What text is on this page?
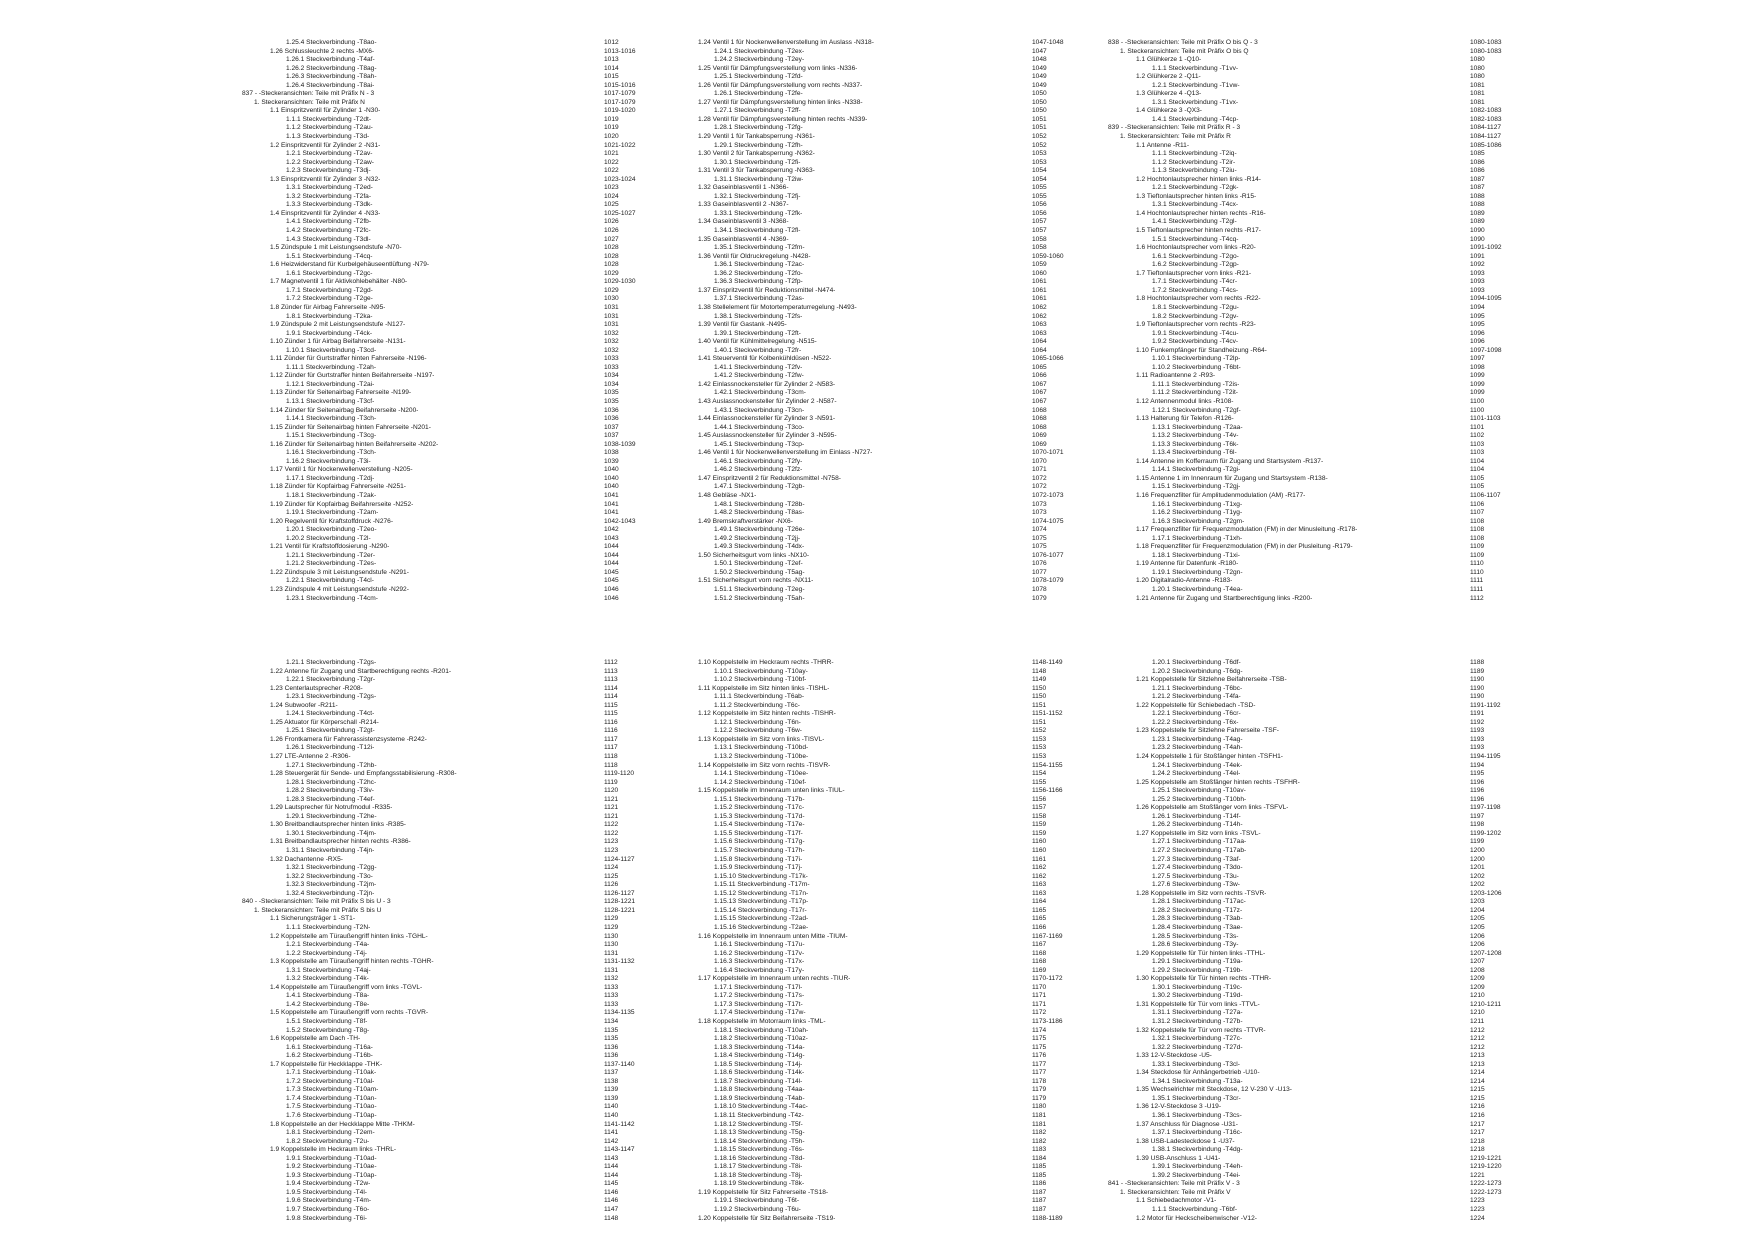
1.25.4 Steckverbindung -T8ao-	1012
1.26 Schlussleuchte 2 rechts -MX6-	1013-1016
1.26.1 Steckverbindung -T4af-	1013
1.26.2 Steckverbindung -T8ag-	1014
1.26.3 Steckverbindung -T8ah-	1015
1.26.4 Steckverbindung -T8ai-	1015-1016
837 - -Steckeransichten: Teile mit Präfix N - 3	1017-1079
1. Steckeransichten: Teile mit Präfix N	1017-1079
1.1 Einspritzventil für Zylinder 1 -N30-	1019-1020
1.1.1 Steckverbindung -T2dt-	1019
1.1.2 Steckverbindung -T2au-	1019
1.1.3 Steckverbindung -T3d-	1020
1.2 Einspritzventil für Zylinder 2 -N31-	1021-1022
1.2.1 Steckverbindung -T2av-	1021
1.2.2 Steckverbindung -T2aw-	1022
1.2.3 Steckverbindung -T3dj-	1022
1.3 Einspritzventil für Zylinder 3 -N32-	1023-1024
1.3.1 Steckverbindung -T2ed-	1023
1.3.2 Steckverbindung -T2fa-	1024
1.3.3 Steckverbindung -T3dk-	1025
1.4 Einspritzventil für Zylinder 4 -N33-	1025-1027
1.4.1 Steckverbindung -T2fb-	1026
1.4.2 Steckverbindung -T2fc-	1026
1.4.3 Steckverbindung -T3dl-	1027
1.5 Zündspule 1 mit Leistungsendstufe -N70-	1028
1.5.1 Steckverbindung -T4cq-	1028
1.6 Heizwiderstand für Kurbelgehäuseentlüftung -N79-	1028
1.6.1 Steckverbindung -T2gc-	1029
1.7 Magnetventil 1 für Aktivkohlebehälter -N80-	1029-1030
1.7.1 Steckverbindung -T2gd-	1029
1.7.2 Steckverbindung -T2ge-	1030
1.8 Zünder für Airbag Fahrerseite -N95-	1031
1.8.1 Steckverbindung -T2ka-	1031
1.9 Zündspule 2 mit Leistungsendstufe -N127-	1031
1.9.1 Steckverbindung -T4ck-	1032
1.10 Zünder 1 für Airbag Beifahrerseite -N131-	1032
1.10.1 Steckverbindung -T3cd-	1032
1.11 Zünder für Gurtstraffer hinten Fahrerseite -N196-	1033
1.11.1 Steckverbindung -T2ah-	1033
1.12 Zünder für Gurtstraffer hinten Beifahrerseite -N197-	1034
1.12.1 Steckverbindung -T2ai-	1034
1.13 Zünder für Seitenairbag Fahrerseite -N199-	1035
1.13.1 Steckverbindung -T3cf-	1035
1.14 Zünder für Seitenairbag Beifahrerseite -N200-	1036
1.14.1 Steckverbindung -T3ch-	1036
1.15 Zünder für Seitenairbag hinten Fahrerseite -N201-	1037
1.15.1 Steckverbindung -T3cg-	1037
1.16 Zünder für Seitenairbag hinten Beifahrerseite -N202-	1038-1039
1.16.1 Steckverbindung -T3ch-	1038
1.16.2 Steckverbindung -T3i-	1039
1.17 Ventil 1 für Nockenwellenverstellung -N205-	1040
1.17.1 Steckverbindung -T2dj-	1040
1.18 Zünder für Kopfairbag Fahrerseite -N251-	1040
1.18.1 Steckverbindung -T2ak-	1041
1.19 Zünder für Kopfairbag Beifahrerseite -N252-	1041
1.19.1 Steckverbindung -T2am-	1041
1.20 Regelventil für Kraftstoffdruck -N276-	1042-1043
1.20.1 Steckverbindung -T2eo-	1042
1.20.2 Steckverbindung -T2l-	1043
1.21 Ventil für Kraftstoffdosierung -N290-	1044
1.21.1 Steckverbindung -T2er-	1044
1.21.2 Steckverbindung -T2es-	1044
1.22 Zündspule 3 mit Leistungsendstufe -N291-	1045
1.22.1 Steckverbindung -T4cl-	1045
1.23 Zündspule 4 mit Leistungsendstufe -N292-	1046
1.23.1 Steckverbindung -T4cm-	1046
1.24 Ventil 1 für Nockenwellenverstellung im Auslass -N318-	1047-1048
1.24.1 Steckverbindung -T2ex-	1047
1.24.2 Steckverbindung -T2ey-	1048
1.25 Ventil für Dämpfungsverstellung vorn links -N336-	1049
1.25.1 Steckverbindung -T2fd-	1049
1.26 Ventil für Dämpfungsverstellung vorn rechts -N337-	1049
1.26.1 Steckverbindung -T2fe-	1050
1.27 Ventil für Dämpfungsverstellung hinten links -N338-	1050
1.27.1 Steckverbindung -T2ff-	1050
1.28 Ventil für Dämpfungsverstellung hinten rechts -N339-	1051
1.28.1 Steckverbindung -T2fg-	1051
1.29 Ventil 1 für Tankabsperrung -N361-	1052
1.29.1 Steckverbindung -T2fh-	1052
1.30 Ventil 2 für Tankabsperrung -N362-	1053
1.30.1 Steckverbindung -T2fi-	1053
1.31 Ventil 3 für Tankabsperrung -N363-	1054
1.31.1 Steckverbindung -T2iw-	1054
1.32 Gaseinblasventil 1 -N366-	1055
1.32.1 Steckverbindung -T2fj-	1055
1.33 Gaseinblasventil 2 -N367-	1056
1.33.1 Steckverbindung -T2fk-	1056
1.34 Gaseinblasventil 3 -N368-	1057
1.34.1 Steckverbindung -T2fl-	1057
1.35 Gaseinblasventil 4 -N369-	1058
1.35.1 Steckverbindung -T2fm-	1058
1.36 Ventil für Öldruckregelung -N428-	1059-1060
1.36.1 Steckverbindung -T2ac-	1059
1.36.2 Steckverbindung -T2fo-	1060
1.36.3 Steckverbindung -T2fp-	1061
1.37 Einspritzventil für Reduktionsmittel -N474-	1061
1.37.1 Steckverbindung -T2as-	1061
1.38 Stellelement für Motortemperaturregelung -N493-	1062
1.38.1 Steckverbindung -T2fs-	1062
1.39 Ventil für Gastank -N495-	1063
1.39.1 Steckverbindung -T2ft-	1063
1.40 Ventil für Kühlmittelregelung -N515-	1064
1.40.1 Steckverbindung -T2fr-	1064
1.41 Steuerventil für Kolbenkühldüsen -N522-	1065-1066
1.41.1 Steckverbindung -T2fv-	1065
1.41.2 Steckverbindung -T2fw-	1066
1.42 Einlassnockensteller für Zylinder 2 -N583-	1067
1.42.1 Steckverbindung -T3cm-	1067
1.43 Auslassnockensteller für Zylinder 2 -N587-	1067
1.43.1 Steckverbindung -T3cn-	1068
1.44 Einlassnockensteller für Zylinder 3 -N591-	1068
1.44.1 Steckverbindung -T3co-	1068
1.45 Auslassnockensteller für Zylinder 3 -N595-	1069
1.45.1 Steckverbindung -T3cp-	1069
1.46 Ventil 1 für Nockenwellenverstellung im Einlass -N727-	1070-1071
1.46.1 Steckverbindung -T2fy-	1070
1.46.2 Steckverbindung -T2fz-	1071
1.47 Einspritzventil 2 für Reduktionsmittel -N758-	1072
1.47.1 Steckverbindung -T2gb-	1072
1.48 Gebläse -NX1-	1072-1073
1.48.1 Steckverbindung -T28b-	1073
1.48.2 Steckverbindung -T8as-	1073
1.49 Bremskraftverstärker -NX6-	1074-1075
1.49.1 Steckverbindung -T26e-	1074
1.49.2 Steckverbindung -T2jj-	1075
1.49.3 Steckverbindung -T4dx-	1075
1.50 Sicherheitsgurt vorn links -NX10-	1076-1077
1.50.1 Steckverbindung -T2ef-	1076
1.50.2 Steckverbindung -T5ag-	1077
1.51 Sicherheitsgurt vorn rechts -NX11-	1078-1079
1.51.1 Steckverbindung -T2eg-	1078
1.51.2 Steckverbindung -T5ah-	1079
838 - -Steckeransichten: Teile mit Präfix O bis Q - 3	1080-1083
1. Steckeransichten: Teile mit Präfix O bis Q	1080-1083
1.1 Glühkerze 1 -Q10-	1080
1.1.1 Steckverbindung -T1vv-	1080
1.2 Glühkerze 2 -Q11-	1080
1.2.1 Steckverbindung -T1vw-	1081
1.3 Glühkerze 4 -Q13-	1081
1.3.1 Steckverbindung -T1vx-	1081
1.4 Glühkerze 3 -QX3-	1082-1083
1.4.1 Steckverbindung -T4cp-	1082-1083
839 - -Steckeransichten: Teile mit Präfix R - 3	1084-1127
1. Steckeransichten: Teile mit Präfix R	1084-1127
1.1 Antenne -R11-	1085-1086
1.1.1 Steckverbindung -T2iq-	1085
1.1.2 Steckverbindung -T2ir-	1086
1.1.3 Steckverbindung -T2iu-	1086
1.2 Hochtonlautsprecher hinten links -R14-	1087
1.2.1 Steckverbindung -T2gk-	1087
1.3 Tieftonlautsprecher hinten links -R15-	1088
1.3.1 Steckverbindung -T4cx-	1088
1.4 Hochtonlautsprecher hinten rechts -R16-	1089
1.4.1 Steckverbindung -T2gl-	1089
1.5 Tieftonlautsprecher hinten rechts -R17-	1090
1.5.1 Steckverbindung -T4cq-	1090
1.6 Hochtonlautsprecher vorn links -R20-	1091-1092
1.6.1 Steckverbindung -T2go-	1091
1.6.2 Steckverbindung -T2gp-	1092
1.7 Tieftonlautsprecher vorn links -R21-	1093
1.7.1 Steckverbindung -T4cr-	1093
1.7.2 Steckverbindung -T4cs-	1093
1.8 Hochtonlautsprecher vorn rechts -R22-	1094-1095
1.8.1 Steckverbindung -T2gu-	1094
1.8.2 Steckverbindung -T2gv-	1095
1.9 Tieftonlautsprecher vorn rechts -R23-	1095
1.9.1 Steckverbindung -T4cu-	1096
1.9.2 Steckverbindung -T4cv-	1096
1.10 Funkempfänger für Standheizung -R64-	1097-1098
1.10.1 Steckverbindung -T2lp-	1097
1.10.2 Steckverbindung -T6bt-	1098
1.11 Radioantenne 2 -R93-	1099
1.11.1 Steckverbindung -T2is-	1099
1.11.2 Steckverbindung -T2it-	1099
1.12 Antennenmodul links -R108-	1100
1.12.1 Steckverbindung -T2gf-	1100
1.13 Halterung für Telefon -R126-	1101-1103
1.13.1 Steckverbindung -T2aa-	1101
1.13.2 Steckverbindung -T4v-	1102
1.13.3 Steckverbindung -T6k-	1103
1.13.4 Steckverbindung -T6l-	1103
1.14 Antenne im Kofferraum für Zugang und Startsystem -R137-	1104
1.14.1 Steckverbindung -T2gi-	1104
1.15 Antenne 1 im Innenraum für Zugang und Startsystem -R138-	1105
1.15.1 Steckverbindung -T2gj-	1105
1.16 Frequenzfilter für Amplitudenmodulation (AM) -R177-	1106-1107
1.16.1 Steckverbindung -T1xg-	1106
1.16.2 Steckverbindung -T1yg-	1107
1.16.3 Steckverbindung -T2gm-	1108
1.17 Frequenzfilter für Frequenzmodulation (FM) in der Minusleitung -R178-	1108
1.17.1 Steckverbindung -T1xh-	1108
1.18 Frequenzfilter für Frequenzmodulation (FM) in der Plusleitung -R179-	1109
1.18.1 Steckverbindung -T1xi-	1109
1.19 Antenne für Datenfunk -R180-	1110
1.19.1 Steckverbindung -T2gn-	1110
1.20 Digitalradio-Antenne -R183-	1111
1.20.1 Steckverbindung -T4ea-	1111
1.21 Antenne für Zugang und Startberechtigung links -R200-	1112
1.21.1 Steckverbindung -T2gs-	1112
1.22 Antenne für Zugang und Startberechtigung rechts -R201-	1113
1.22.1 Steckverbindung -T2gr-	1113
1.23 Centerlautsprecher -R208-	1114
1.23.1 Steckverbindung -T2gs-	1114
1.24 Subwoofer -R211-	1115
1.24.1 Steckverbindung -T4ct-	1115
1.25 Aktuator für Körperschall -R214-	1116
1.25.1 Steckverbindung -T2gt-	1116
1.26 Frontkamera für Fahrerassistenzsysteme -R242-	1117
1.26.1 Steckverbindung -T12i-	1117
1.27 LTE-Antenne 2 -R306-	1118
1.27.1 Steckverbindung -T2hb-	1118
1.28 Steuergerät für Sende- und Empfangsstabilisierung -R308-	1119-1120
1.28.1 Steckverbindung -T2hc-	1119
1.28.2 Steckverbindung -T3iv-	1120
1.28.3 Steckverbindung -T4ef-	1121
1.29 Lautsprecher für Notrufmodul -R335-	1121
1.29.1 Steckverbindung -T2he-	1121
1.30 Breitbandlautsprecher hinten links -R385-	1122
1.30.1 Steckverbindung -T4jm-	1122
1.31 Breitbandlautsprecher hinten rechts -R386-	1123
1.31.1 Steckverbindung -T4jn-	1123
1.32 Dachantenne -RX5-	1124-1127
1.32.1 Steckverbindung -T2gg-	1124
1.32.2 Steckverbindung -T3o-	1125
1.32.3 Steckverbindung -T2jm-	1126
1.32.4 Steckverbindung -T2jn-	1126-1127
840 - -Steckeransichten: Teile mit Präfix S bis U - 3	1128-1221
1. Steckeransichten: Teile mit Präfix S bis U	1128-1221
1.1 Sicherungsträger 1 -ST1-	1129
1.1.1 Steckverbindung -T2N-	1129
1.2 Koppelstelle am Türaußengriff hinten links -TGHL-	1130
1.2.1 Steckverbindung -T4a-	1130
1.2.2 Steckverbindung -T4j-	1131
1.3 Koppelstelle am Türaußengriff hinten rechts -TGHR-	1131-1132
1.3.1 Steckverbindung -T4aj-	1131
1.3.2 Steckverbindung -T4k-	1132
1.4 Koppelstelle am Türaußengriff vorn links -TGVL-	1133
1.4.1 Steckverbindung -T8a-	1133
1.4.2 Steckverbindung -T8e-	1133
1.5 Koppelstelle am Türaußengriff vorn rechts -TGVR-	1134-1135
1.5.1 Steckverbindung -T8f-	1134
1.5.2 Steckverbindung -T8g-	1135
1.6 Koppelstelle am Dach -TH-	1135
1.6.1 Steckverbindung -T16a-	1136
1.6.2 Steckverbindung -T16b-	1136
1.7 Koppelstelle für Heckklappe -THK-	1137-1140
1.7.1 Steckverbindung -T10ak-	1137
1.7.2 Steckverbindung -T10al-	1138
1.7.3 Steckverbindung -T10am-	1139
1.7.4 Steckverbindung -T10an-	1139
1.7.5 Steckverbindung -T10ao-	1140
1.7.6 Steckverbindung -T10ap-	1140
1.8 Koppelstelle an der Heckklappe Mitte -THKM-	1141-1142
1.8.1 Steckverbindung -T2em-	1141
1.8.2 Steckverbindung -T2u-	1142
1.9 Koppelstelle im Heckraum links -THRL-	1143-1147
1.9.1 Steckverbindung -T10ad-	1143
1.9.2 Steckverbindung -T10ae-	1144
1.9.3 Steckverbindung -T10ap-	1144
1.9.4 Steckverbindung -T2w-	1145
1.9.5 Steckverbindung -T4l-	1146
1.9.6 Steckverbindung -T4m-	1146
1.9.7 Steckverbindung -T6o-	1147
1.9.8 Steckverbindung -T6i-	1148
1.10 Koppelstelle im Heckraum rechts -THRR-	1148-1149
1.10.1 Steckverbindung -T10ay-	1148
1.10.2 Steckverbindung -T10bf-	1149
1.11 Koppelstelle im Sitz hinten links -TISHL-	1150
1.11.1 Steckverbindung -T6ab-	1150
1.11.2 Steckverbindung -T6c-	1151
1.12 Koppelstelle im Sitz hinten rechts -TISHR-	1151-1152
1.12.1 Steckverbindung -T6n-	1151
1.12.2 Steckverbindung -T6w-	1152
1.13 Koppelstelle im Sitz vorn links -TISVL-	1153
1.13.1 Steckverbindung -T10bd-	1153
1.13.2 Steckverbindung -T10be-	1153
1.14 Koppelstelle im Sitz vorn rechts -TISVR-	1154-1155
1.14.1 Steckverbindung -T10ee-	1154
1.14.2 Steckverbindung -T10ef-	1155
1.15 Koppelstelle im Innenraum unten links -TIUL-	1156-1166
1.15.1 Steckverbindung -T17b-	1156
1.15.2 Steckverbindung -T17c-	1157
1.15.3 Steckverbindung -T17d-	1158
1.15.4 Steckverbindung -T17e-	1159
1.15.5 Steckverbindung -T17f-	1159
1.15.6 Steckverbindung -T17g-	1160
1.15.7 Steckverbindung -T17h-	1160
1.15.8 Steckverbindung -T17i-	1161
1.15.9 Steckverbindung -T17j-	1162
1.15.10 Steckverbindung -T17k-	1162
1.15.11 Steckverbindung -T17m-	1163
1.15.12 Steckverbindung -T17n-	1163
1.15.13 Steckverbindung -T17p-	1164
1.15.14 Steckverbindung -T17r-	1165
1.15.15 Steckverbindung -T2ad-	1165
1.15.16 Steckverbindung -T2ae-	1166
1.16 Koppelstelle im Innenraum unten Mitte -TIUM-	1167-1169
1.16.1 Steckverbindung -T17u-	1167
1.16.2 Steckverbindung -T17v-	1168
1.16.3 Steckverbindung -T17x-	1168
1.16.4 Steckverbindung -T17y-	1169
1.17 Koppelstelle im Innenraum unten rechts -TIUR-	1170-1172
1.17.1 Steckverbindung -T17l-	1170
1.17.2 Steckverbindung -T17s-	1171
1.17.3 Steckverbindung -T17t-	1171
1.17.4 Steckverbindung -T17w-	1172
1.18 Koppelstelle im Motorraum links -TML-	1173-1186
1.18.1 Steckverbindung -T10ah-	1174
1.18.2 Steckverbindung -T10az-	1175
1.18.3 Steckverbindung -T14a-	1175
1.18.4 Steckverbindung -T14g-	1176
1.18.5 Steckverbindung -T14j-	1177
1.18.6 Steckverbindung -T14k-	1177
1.18.7 Steckverbindung -T14l-	1178
1.18.8 Steckverbindung -T4aa-	1179
1.18.9 Steckverbindung -T4ab-	1179
1.18.10 Steckverbindung -T4ac-	1180
1.18.11 Steckverbindung -T4z-	1181
1.18.12 Steckverbindung -T5f-	1181
1.18.13 Steckverbindung -T5g-	1182
1.18.14 Steckverbindung -T5h-	1182
1.18.15 Steckverbindung -T6s-	1183
1.18.16 Steckverbindung -T8d-	1184
1.18.17 Steckverbindung -T8i-	1185
1.18.18 Steckverbindung -T8j-	1185
1.18.19 Steckverbindung -T8k-	1186
1.19 Koppelstelle für Sitz Fahrerseite -TS18-	1187
1.19.1 Steckverbindung -T6t-	1187
1.19.2 Steckverbindung -T6u-	1187
1.20 Koppelstelle für Sitz Beifahrerseite -TS19-	1188-1189
1.20.1 Steckverbindung -T6df-	1188
1.20.2 Steckverbindung -T6dg-	1189
1.21 Koppelstelle für Sitzlehne Beifahrerseite -TSB-	1190
1.21.1 Steckverbindung -T6bc-	1190
1.21.2 Steckverbindung -T4fa-	1190
1.22 Koppelstelle für Schiebedach -TSD-	1191-1192
1.22.1 Steckverbindung -T6cr-	1191
1.22.2 Steckverbindung -T6x-	1192
1.23 Koppelstelle für Sitzlehne Fahrerseite -TSF-	1193
1.23.1 Steckverbindung -T4ag-	1193
1.23.2 Steckverbindung -T4ah-	1193
1.24 Koppelstelle 1 für Stoßfänger hinten -TSFH1-	1194-1195
1.24.1 Steckverbindung -T4ek-	1194
1.24.2 Steckverbindung -T4el-	1195
1.25 Koppelstelle am Stoßfänger hinten rechts -TSFHR-	1196
1.25.1 Steckverbindung -T10av-	1196
1.25.2 Steckverbindung -T10bh-	1196
1.26 Koppelstelle am Stoßfänger vorn links -TSFVL-	1197-1198
1.26.1 Steckverbindung -T14f-	1197
1.26.2 Steckverbindung -T14h-	1198
1.27 Koppelstelle im Sitz vorn links -TSVL-	1199-1202
1.27.1 Steckverbindung -T17aa-	1199
1.27.2 Steckverbindung -T17ab-	1200
1.27.3 Steckverbindung -T3af-	1200
1.27.4 Steckverbindung -T3do-	1201
1.27.5 Steckverbindung -T3u-	1202
1.27.6 Steckverbindung -T3w-	1202
1.28 Koppelstelle im Sitz vorn rechts -TSVR-	1203-1206
1.28.1 Steckverbindung -T17ac-	1203
1.28.2 Steckverbindung -T17z-	1204
1.28.3 Steckverbindung -T3ab-	1205
1.28.4 Steckverbindung -T3ae-	1205
1.28.5 Steckverbindung -T3s-	1206
1.28.6 Steckverbindung -T3y-	1206
1.29 Koppelstelle für Tür hinten links -TTHL-	1207-1208
1.29.1 Steckverbindung -T19a-	1207
1.29.2 Steckverbindung -T19b-	1208
1.30 Koppelstelle für Tür hinten rechts -TTHR-	1209
1.30.1 Steckverbindung -T19c-	1209
1.30.2 Steckverbindung -T19d-	1210
1.31 Koppelstelle für Tür vorn links -TTVL-	1210-1211
1.31.1 Steckverbindung -T27a-	1210
1.31.2 Steckverbindung -T27b-	1211
1.32 Koppelstelle für Tür vorn rechts -TTVR-	1212
1.32.1 Steckverbindung -T27c-	1212
1.32.2 Steckverbindung -T27d-	1212
1.33 12-V-Steckdose -U5-	1213
1.33.1 Steckverbindung -T3cl-	1213
1.34 Steckdose für Anhängerbetrieb -U10-	1214
1.34.1 Steckverbindung -T13a-	1214
1.35 Wechselrichter mit Steckdose, 12 V-230 V -U13-	1215
1.35.1 Steckverbindung -T3cr-	1215
1.36 12-V-Steckdose 3 -U19-	1216
1.36.1 Steckverbindung -T3cs-	1216
1.37 Anschluss für Diagnose -U31-	1217
1.37.1 Steckverbindung -T16c-	1217
1.38 USB-Ladesteckdose 1 -U37-	1218
1.38.1 Steckverbindung -T4dg-	1218
1.39 USB-Anschluss 1 -U41-	1219-1221
1.39.1 Steckverbindung -T4eh-	1219-1220
1.39.2 Steckverbindung -T4ei-	1221
841 - -Steckeransichten: Teile mit Präfix V - 3	1222-1273
1. Steckeransichten: Teile mit Präfix V	1222-1273
1.1 Schiebedachmotor -V1-	1223
1.1.1 Steckverbindung -T6bf-	1223
1.2 Motor für Heckscheibenwischer -V12-	1224
